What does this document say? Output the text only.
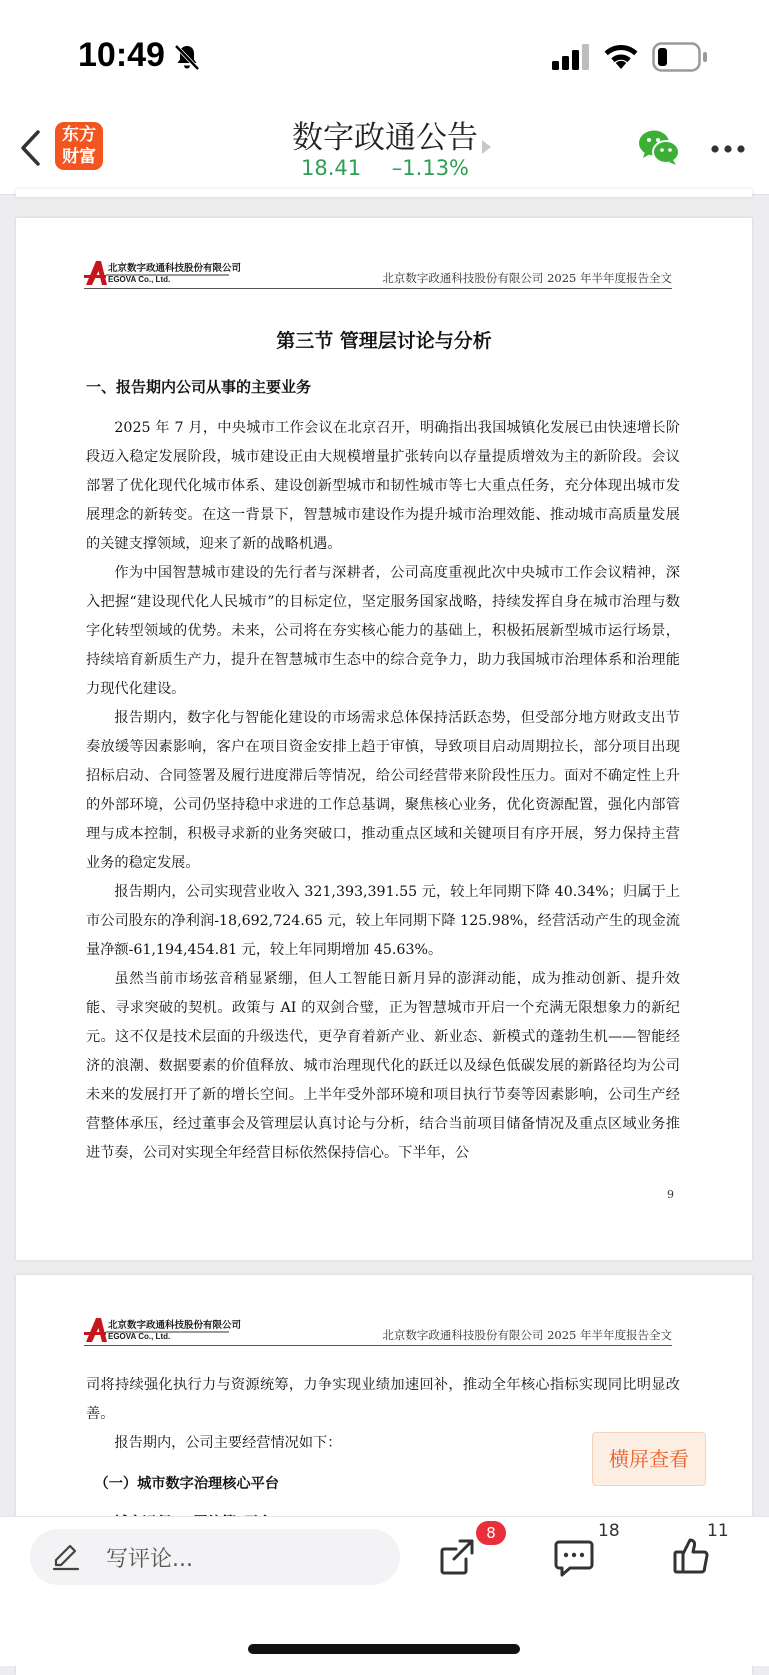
10:49
东方财富
数字政通公告
18.41 –1.13%
北京数字政通科技股份有限公司
EGOVA Co., Ltd.	北京数字政通科技股份有限公司 2025 年半年度报告全文
第三节 管理层讨论与分析
一、报告期内公司从事的主要业务

2025 年 7 月，中央城市工作会议在北京召开，明确指出我国城镇化发展已由快速增长阶段迈入稳定发展阶段，城市建设正由大规模增量扩张转向以存量提质增效为主的新阶段。会议部署了优化现代化城市体系、建设创新型城市和韧性城市等七大重点任务，充分体现出城市发展理念的新转变。在这一背景下，智慧城市建设作为提升城市治理效能、推动城市高质量发展的关键支撑领域，迎来了新的战略机遇。

作为中国智慧城市建设的先行者与深耕者，公司高度重视此次中央城市工作会议精神，深入把握“建设现代化人民城市”的目标定位，坚定服务国家战略，持续发挥自身在城市治理与数字化转型领域的优势。未来，公司将在夯实核心能力的基础上，积极拓展新型城市运行场景，持续培育新质生产力，提升在智慧城市生态中的综合竞争力，助力我国城市治理体系和治理能力现代化建设。

报告期内，数字化与智能化建设的市场需求总体保持活跃态势，但受部分地方财政支出节奏放缓等因素影响，客户在项目资金安排上趋于审慎，导致项目启动周期拉长，部分项目出现招标启动、合同签署及履行进度滞后等情况，给公司经营带来阶段性压力。面对不确定性上升的外部环境，公司仍坚持稳中求进的工作总基调，聚焦核心业务，优化资源配置，强化内部管理与成本控制，积极寻求新的业务突破口，推动重点区域和关键项目有序开展，努力保持主营业务的稳定发展。

报告期内，公司实现营业收入 321,393,391.55 元，较上年同期下降 40.34%；归属于上市公司股东的净利润-18,692,724.65 元，较上年同期下降 125.98%，经营活动产生的现金流量净额-61,194,454.81 元，较上年同期增加 45.63%。

虽然当前市场弦音稍显紧绷，但人工智能日新月异的澎湃动能，成为推动创新、提升效能、寻求突破的契机。政策与 AI 的双剑合璧，正为智慧城市开启一个充满无限想象力的新纪元。这不仅是技术层面的升级迭代，更孕育着新产业、新业态、新模式的蓬勃生机——智能经济的浪潮、数据要素的价值释放、城市治理现代化的跃迁以及绿色低碳发展的新路径均为公司未来的发展打开了新的增长空间。上半年受外部环境和项目执行节奏等因素影响，公司生产经营整体承压，经过董事会及管理层认真讨论与分析，结合当前项目储备情况及重点区域业务推进节奏，公司对实现全年经营目标依然保持信心。下半年，公

9
北京数字政通科技股份有限公司
EGOVA Co., Ltd.	北京数字政通科技股份有限公司 2025 年半年度报告全文

司将持续强化执行力与资源统筹，力争实现业绩加速回补，推动全年核心指标实现同比明显改善。

报告期内，公司主要经营情况如下：

（一）城市数字治理核心平台

横屏查看
写评论...
8	18	11
